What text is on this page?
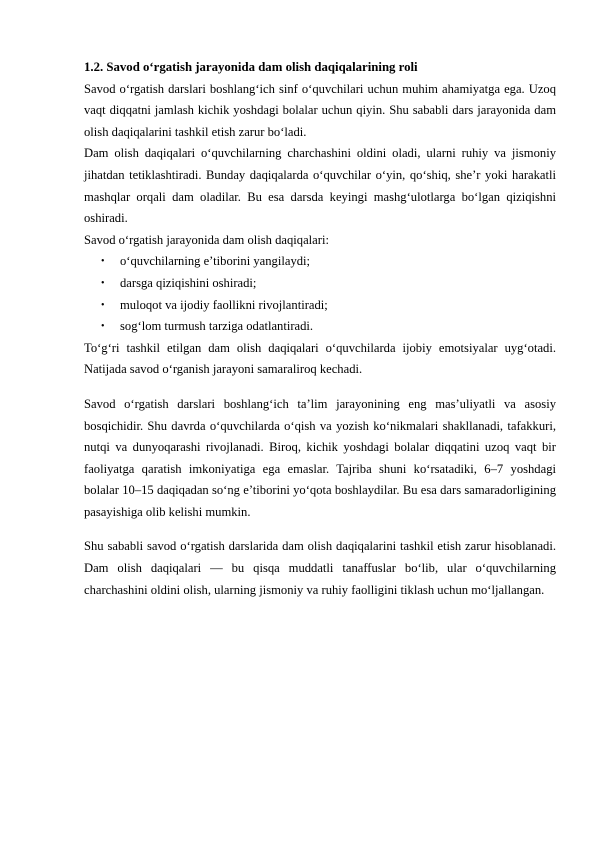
1.2. Savod o‘rgatish jarayonida dam olish daqiqalarining roli

Savod o‘rgatish darslari boshlang‘ich sinf o‘quvchilari uchun muhim ahamiyatga ega. Uzoq vaqt diqqatni jamlash kichik yoshdagi bolalar uchun qiyin. Shu sababli dars jarayonida dam olish daqiqalarini tashkil etish zarur bo‘ladi.

Dam olish daqiqalari o‘quvchilarning charchashini oldini oladi, ularni ruhiy va jismoniy jihatdan tetiklashtiradi. Bunday daqiqalarda o‘quvchilar o‘yin, qo‘shiq, she’r yoki harakatli mashqlar orqali dam oladilar. Bu esa darsda keyingi mashg‘ulotlarga bo‘lgan qiziqishni oshiradi.

Savod o‘rgatish jarayonida dam olish daqiqalari:

• o‘quvchilarning e’tiborini yangilaydi;
• darsga qiziqishini oshiradi;
• muloqot va ijodiy faollikni rivojlantiradi;
• sog‘lom turmush tarziga odatlantiradi.

To‘g‘ri tashkil etilgan dam olish daqiqalari o‘quvchilarda ijobiy emotsiyalar uyg‘otadi. Natijada savod o‘rganish jarayoni samaraliroq kechadi.

Savod o‘rgatish darslari boshlang‘ich ta’lim jarayonining eng mas’uliyatli va asosiy bosqichidir. Shu davrda o‘quvchilarda o‘qish va yozish ko‘nikmalari shakllanadi, tafakkuri, nutqi va dunyoqarashi rivojlanadi. Biroq, kichik yoshdagi bolalar diqqatini uzoq vaqt bir faoliyatga qaratish imkoniyatiga ega emaslar. Tajriba shuni ko‘rsatadiki, 6–7 yoshdagi bolalar 10–15 daqiqadan so‘ng e’tiborini yo‘qota boshlaydilar. Bu esa dars samaradorligining pasayishiga olib kelishi mumkin.

Shu sababli savod o‘rgatish darslarida dam olish daqiqalarini tashkil etish zarur hisoblanadi. Dam olish daqiqalari — bu qisqa muddatli tanaffuslar bo‘lib, ular o‘quvchilarning charchashini oldini olish, ularning jismoniy va ruhiy faolligini tiklash uchun mo‘ljallangan.
